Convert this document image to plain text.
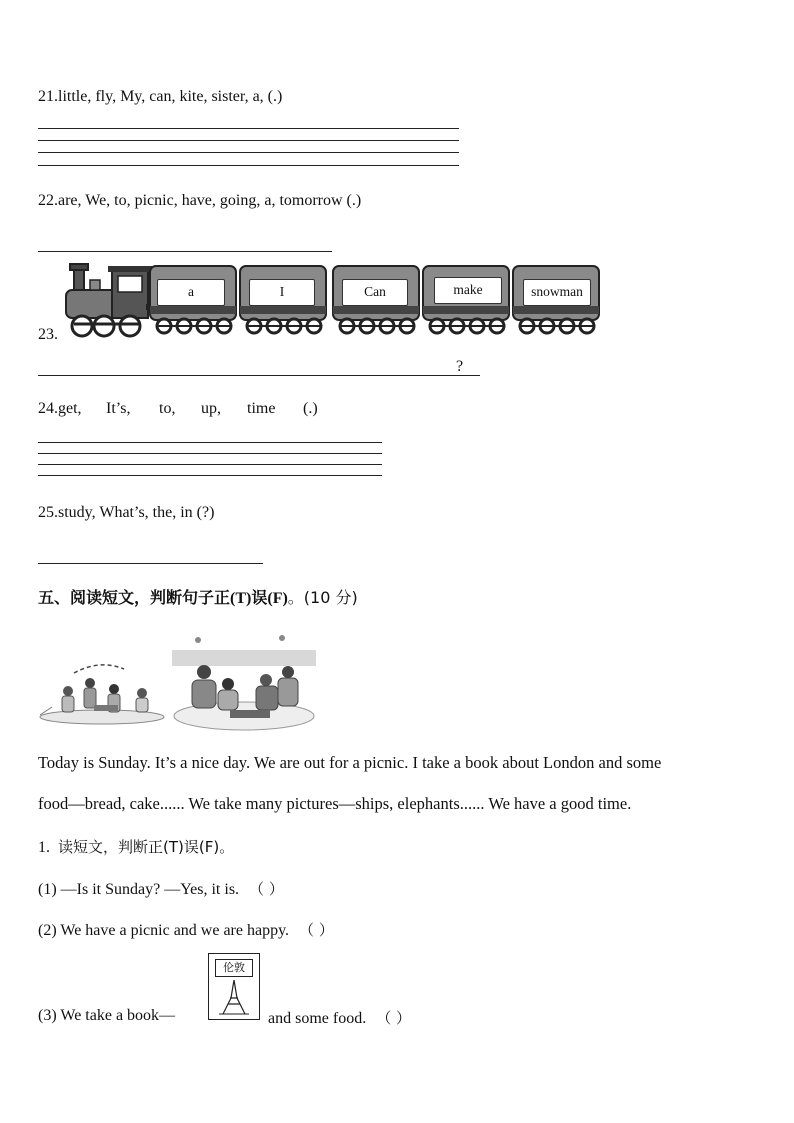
21.little, fly, My, can, kite, sister, a, (.)
22.are, We, to, picnic, have, going, a, tomorrow (.)
23.
a	I	Can	make	snowman
?
24.get, It’s, to, up, time (.)
25.study, What’s, the, in (?)
五、阅读短文，判断句子正(T)误(F)。(10 分)
Today is Sunday. It’s a nice day. We are out for a picnic. I take a book about London and some
food—bread, cake...... We take many pictures—ships, elephants...... We have a good time.
1. 读短文，判断正(T)误(F)。
(1) —Is it Sunday? —Yes, it is. （ ）
(2) We have a picnic and we are happy. （ ）
(3) We take a book—
伦敦
and some food. （ ）
